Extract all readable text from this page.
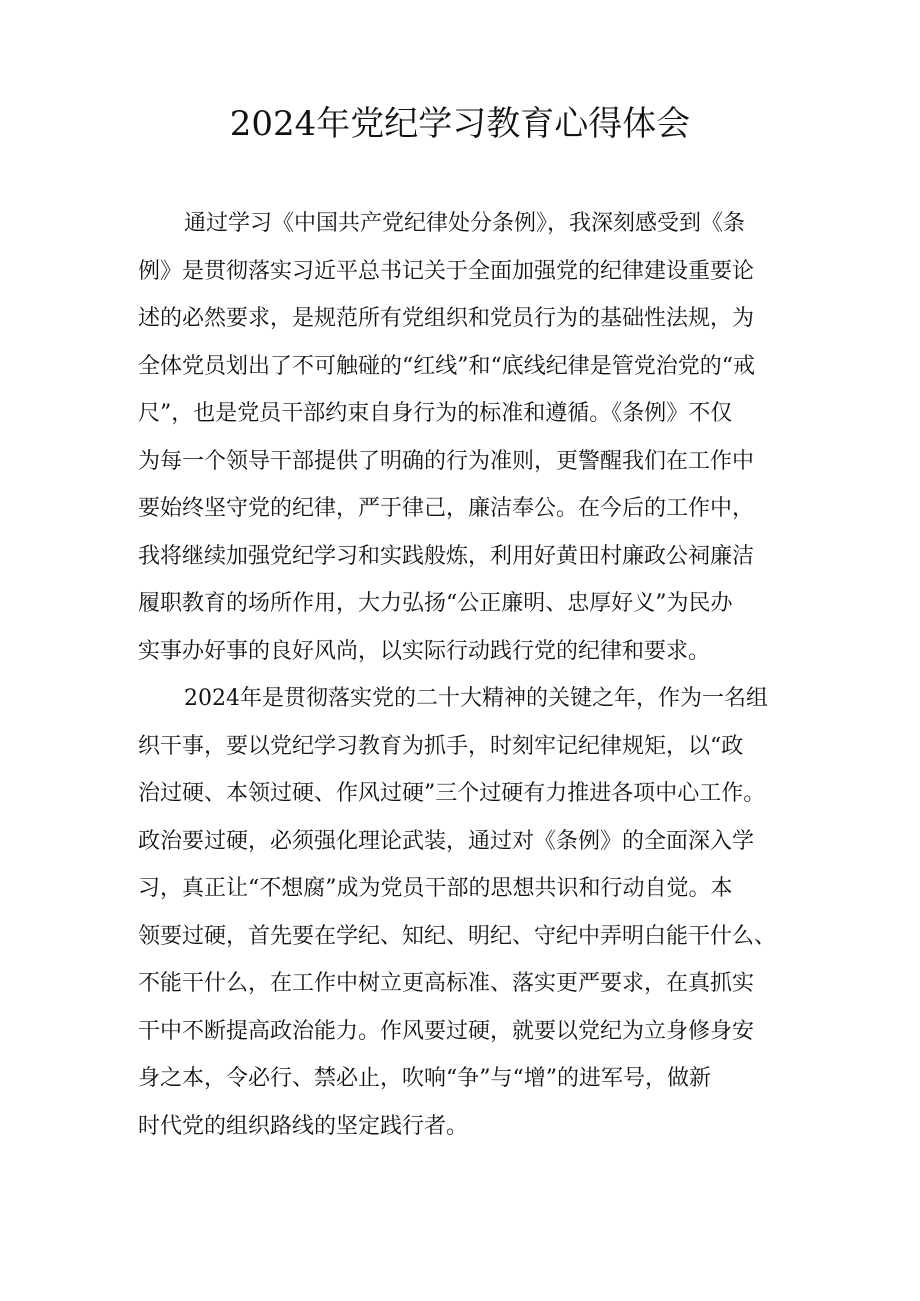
2024年党纪学习教育心得体会
通过学习《中国共产党纪律处分条例》，我深刻感受到《条
例》是贯彻落实习近平总书记关于全面加强党的纪律建设重要论
述的必然要求，是规范所有党组织和党员行为的基础性法规，为
全体党员划出了不可触碰的“红线”和“底线纪律是管党治党的“戒
尺”，也是党员干部约束自身行为的标准和遵循。《条例》不仅
为每一个领导干部提供了明确的行为准则，更警醒我们在工作中
要始终坚守党的纪律，严于律己，廉洁奉公。在今后的工作中，
我将继续加强党纪学习和实践般炼，利用好黄田村廉政公祠廉洁
履职教育的场所作用，大力弘扬“公正廉明、忠厚好义”为民办
实事办好事的良好风尚，以实际行动践行党的纪律和要求。
2024年是贯彻落实党的二十大精神的关键之年，作为一名组
织干事，要以党纪学习教育为抓手，时刻牢记纪律规矩，以“政
治过硬、本领过硬、作风过硬”三个过硬有力推进各项中心工作。
政治要过硬，必须强化理论武装，通过对《条例》的全面深入学
习，真正让“不想腐”成为党员干部的思想共识和行动自觉。本
领要过硬，首先要在学纪、知纪、明纪、守纪中弄明白能干什么、
不能干什么，在工作中树立更高标准、落实更严要求，在真抓实
干中不断提高政治能力。作风要过硬，就要以党纪为立身修身安
身之本，令必行、禁必止，吹响“争”与“增”的进军号，做新
时代党的组织路线的坚定践行者。
